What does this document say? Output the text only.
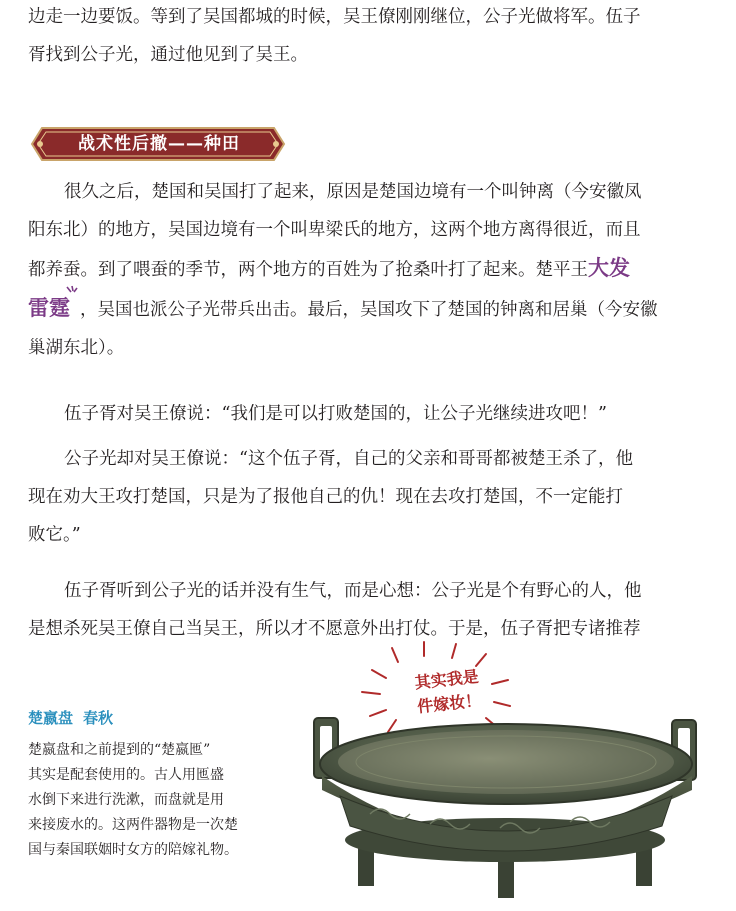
边走一边要饭。等到了吴国都城的时候，吴王僚刚刚继位，公子光做将军。伍子
胥找到公子光，通过他见到了吴王。
战术性后撤——种田
很久之后，楚国和吴国打了起来，原因是楚国边境有一个叫钟离（今安徽凤
阳东北）的地方，吴国边境有一个叫卑梁氏的地方，这两个地方离得很近，而且
都养蚕。到了喂蚕的季节，两个地方的百姓为了抢桑叶打了起来。楚平王大发
雷霆 ，吴国也派公子光带兵出击。最后，吴国攻下了楚国的钟离和居巢（今安徽
巢湖东北）。
伍子胥对吴王僚说：“我们是可以打败楚国的，让公子光继续进攻吧！”
公子光却对吴王僚说：“这个伍子胥，自己的父亲和哥哥都被楚王杀了，他
现在劝大王攻打楚国，只是为了报他自己的仇！现在去攻打楚国，不一定能打
败它。”
伍子胥听到公子光的话并没有生气，而是心想：公子光是个有野心的人，他
是想杀死吴王僚自己当吴王，所以才不愿意外出打仗。于是，伍子胥把专诸推荐
楚嬴盘 春秋
楚嬴盘和之前提到的“楚嬴匜”
其实是配套使用的。古人用匜盛
水倒下来进行洗漱，而盘就是用
来接废水的。这两件器物是一次楚
国与秦国联姻时女方的陪嫁礼物。
其实我是
件嫁妆！
